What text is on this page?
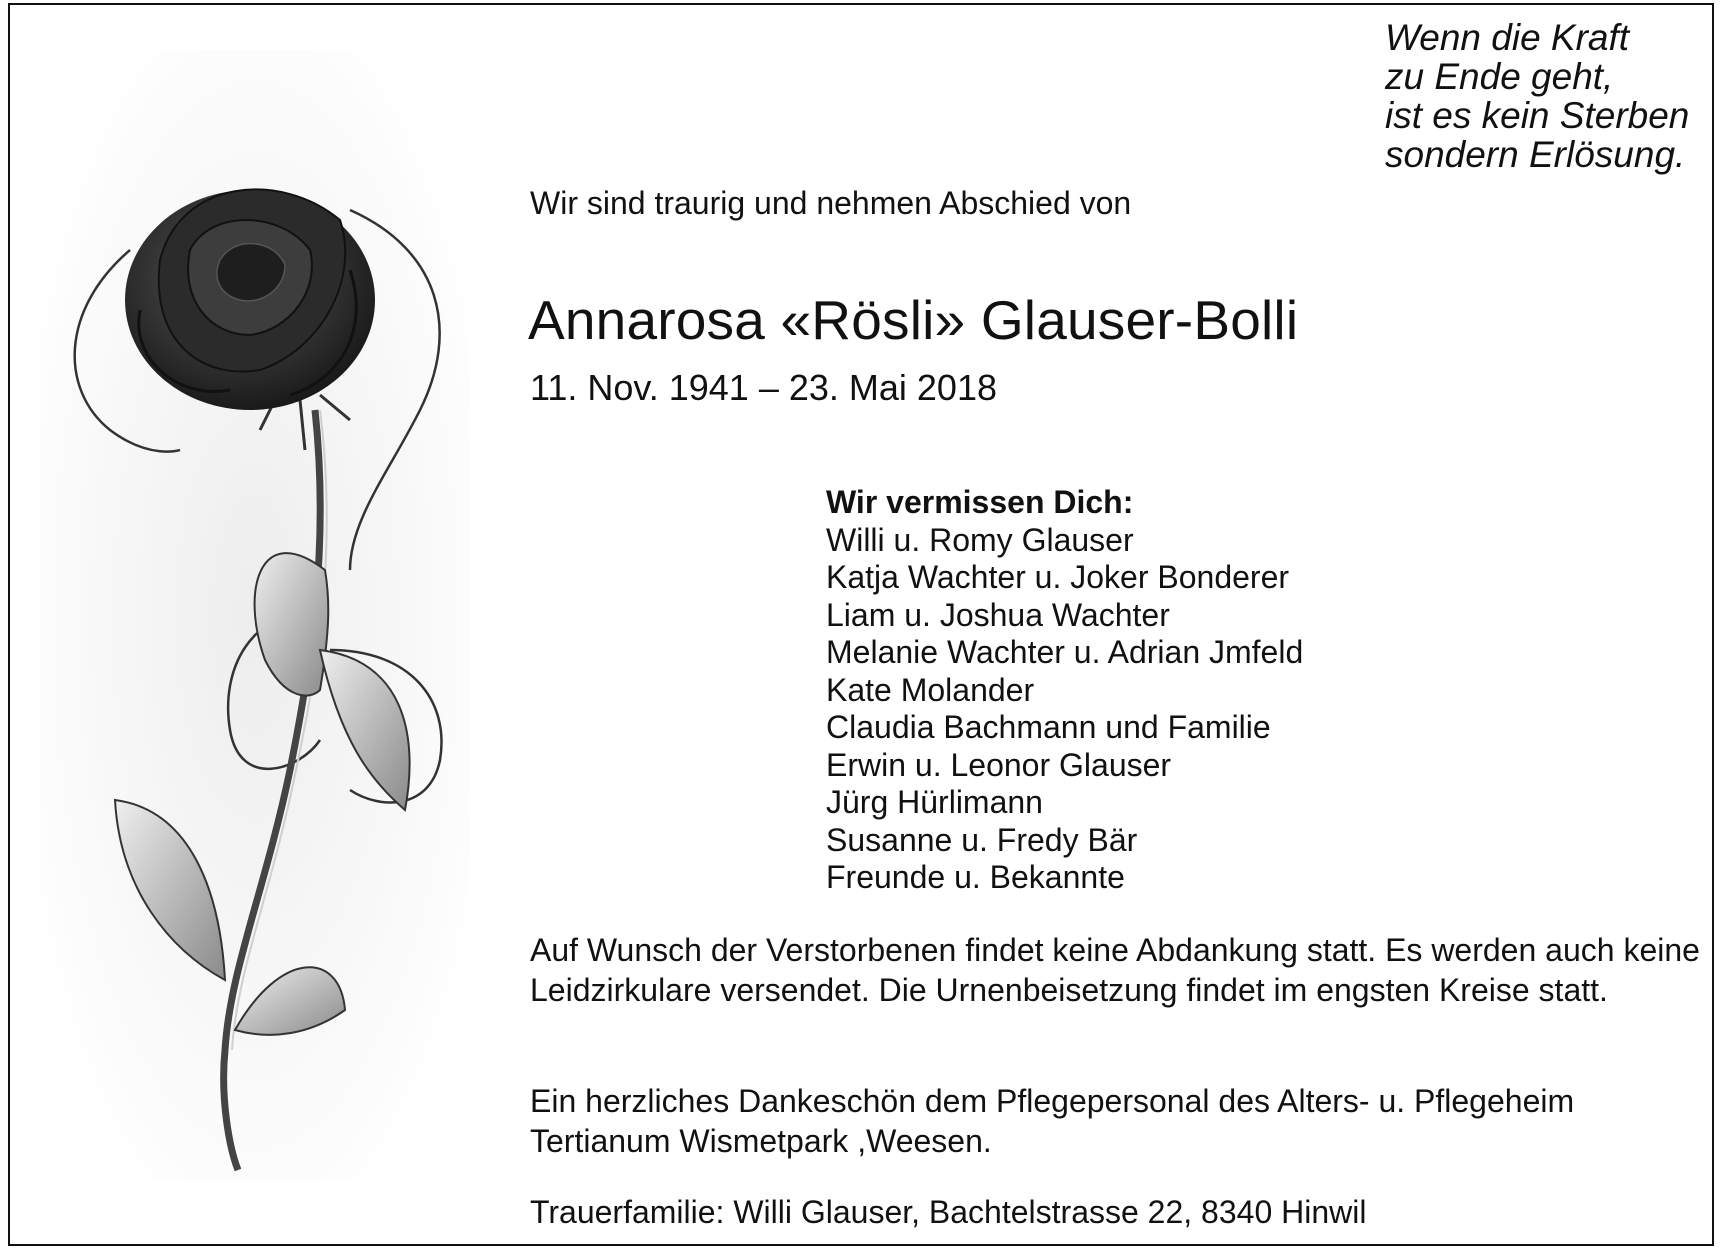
Wenn die Kraft
zu Ende geht,
ist es kein Sterben
sondern Erlösung.
Wir sind traurig und nehmen Abschied von
Annarosa «Rösli» Glauser-Bolli
11. Nov. 1941 – 23. Mai 2018
Wir vermissen Dich:
Willi u. Romy Glauser
Katja Wachter u. Joker Bonderer
Liam u. Joshua Wachter
Melanie Wachter u. Adrian Jmfeld
Kate Molander
Claudia Bachmann und Familie
Erwin u. Leonor Glauser
Jürg Hürlimann
Susanne u. Fredy Bär
Freunde u. Bekannte
Auf Wunsch der Verstorbenen findet keine Abdankung statt. Es werden auch keine Leidzirkulare versendet. Die Urnenbeisetzung findet im engsten Kreise statt.
Ein herzliches Dankeschön dem Pflegepersonal des Alters- u. Pflegeheim Tertianum Wismetpark ,Weesen.
Trauerfamilie: Willi Glauser, Bachtelstrasse 22, 8340 Hinwil
